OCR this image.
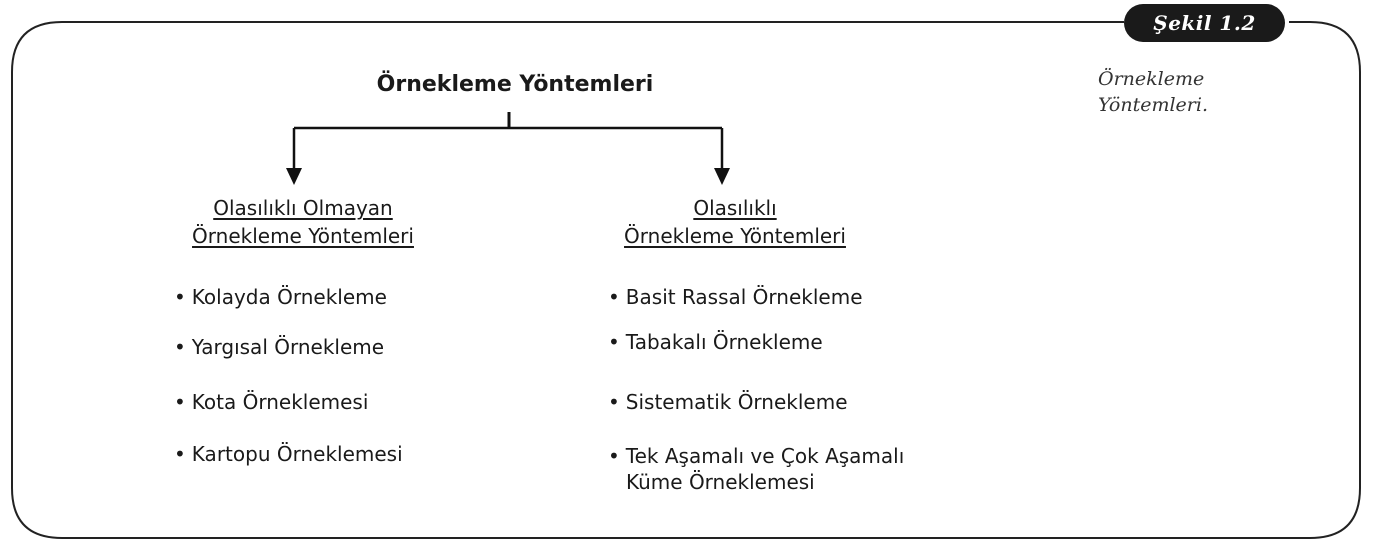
Şekil 1.2
Örnekleme
Yöntemleri.
Örnekleme Yöntemleri
Olasılıklı Olmayan
Örnekleme Yöntemleri
Olasılıklı
Örnekleme Yöntemleri
• Kolayda Örnekleme
• Yargısal Örnekleme
• Kota Örneklemesi
• Kartopu Örneklemesi
• Basit Rassal Örnekleme
• Tabakalı Örnekleme
• Sistematik Örnekleme
• Tek Aşamalı ve Çok Aşamalı
Küme Örneklemesi
